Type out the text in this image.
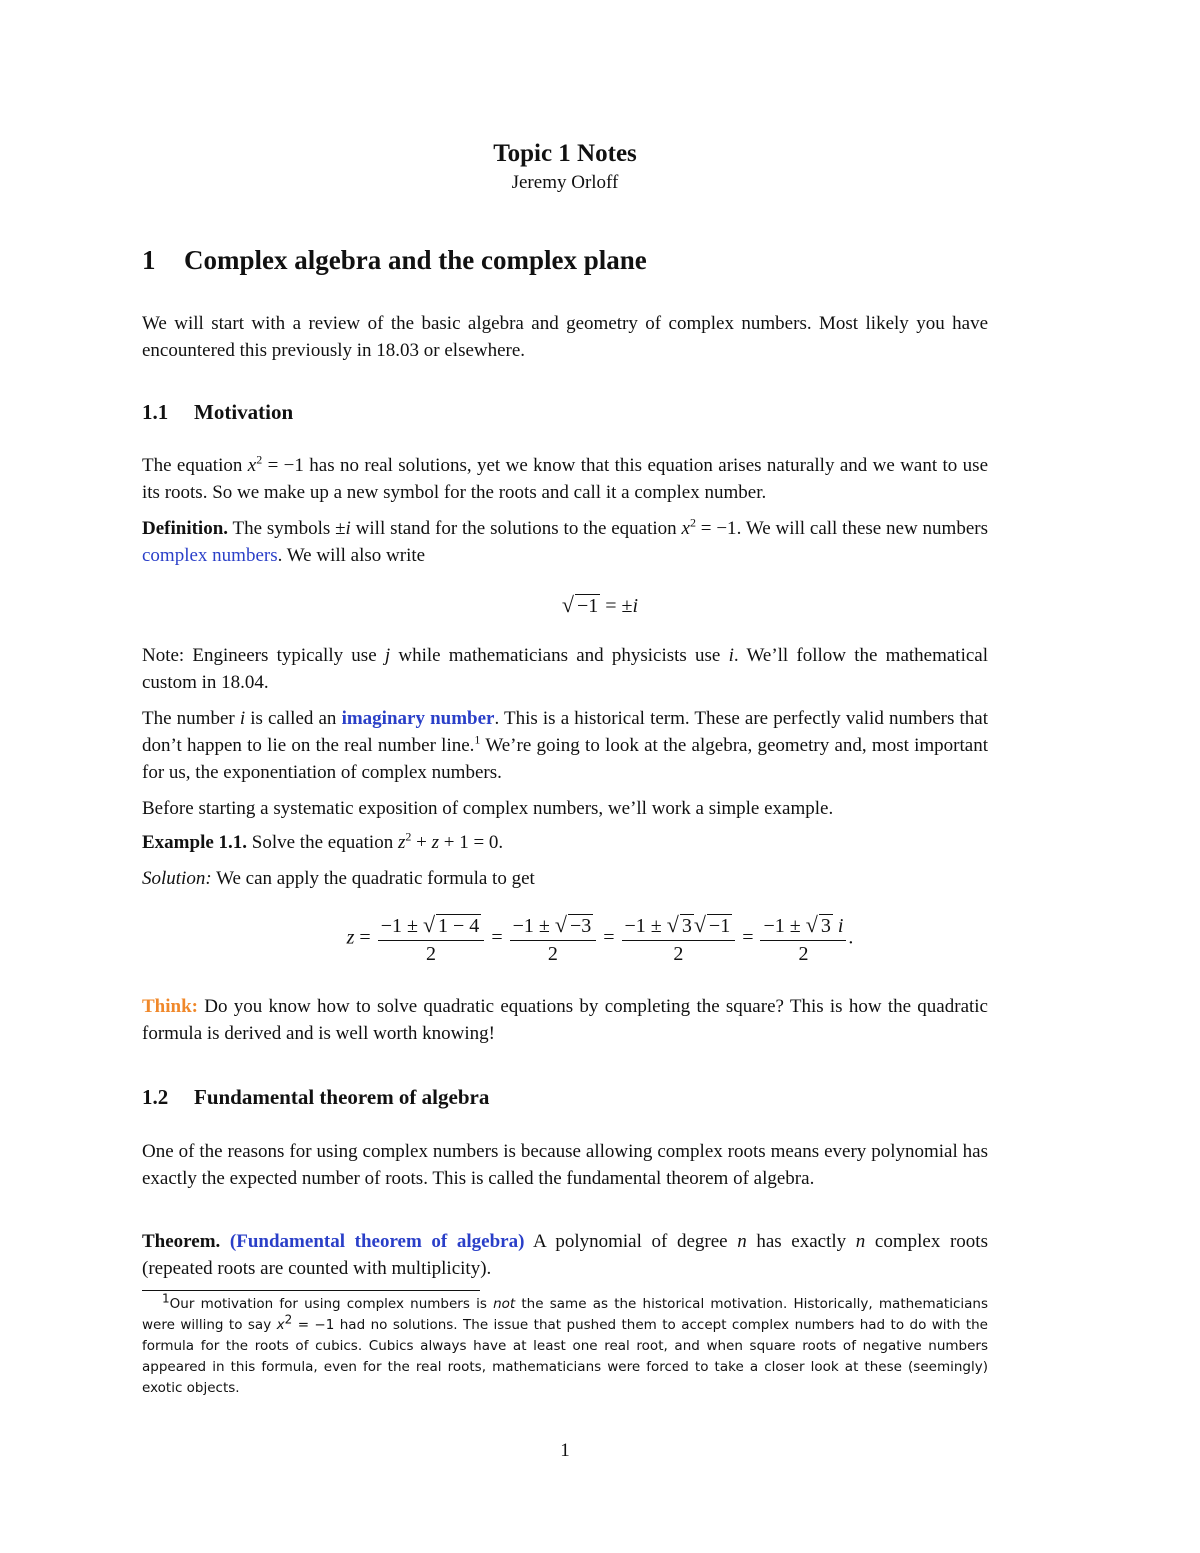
Topic 1 Notes
Jeremy Orloff
1 Complex algebra and the complex plane

We will start with a review of the basic algebra and geometry of complex numbers. Most likely you have encountered this previously in 18.03 or elsewhere.

1.1 Motivation

The equation $x^2 = -1$ has no real solutions, yet we know that this equation arises naturally and we want to use its roots. So we make up a new symbol for the roots and call it a complex number.

Definition. The symbols ±i will stand for the solutions to the equation $x^2 = -1$. We will call these new numbers complex numbers. We will also write

√ −1 = ±i

Note: Engineers typically use j while mathematicians and physicists use i. We’ll follow the mathematical custom in 18.04.

The number i is called an imaginary number. This is a historical term. These are perfectly valid numbers that don’t happen to lie on the real number line.$^1$ We’re going to look at the algebra, geometry and, most important for us, the exponentiation of complex numbers.

Before starting a systematic exposition of complex numbers, we’ll work a simple example.

Example 1.1. Solve the equation $z^2 + z + 1 = 0$.

Solution: We can apply the quadratic formula to get

$z = \frac{-1 \pm √ 1 - 4}{2} = \frac{-1 \pm √ -3}{2} = \frac{-1 \pm √ 3√ -1}{2} = \frac{-1 \pm √ 3 i}{2}$ .

Think: Do you know how to solve quadratic equations by completing the square? This is how the quadratic formula is derived and is well worth knowing!

1.2 Fundamental theorem of algebra

One of the reasons for using complex numbers is because allowing complex roots means every polynomial has exactly the expected number of roots. This is called the fundamental theorem of algebra.

Theorem. (Fundamental theorem of algebra) A polynomial of degree n has exactly n complex roots (repeated roots are counted with multiplicity).

$^1$Our motivation for using complex numbers is not the same as the historical motivation. Historically, mathematicians were willing to say $x^2 = -1$ had no solutions. The issue that pushed them to accept complex numbers had to do with the formula for the roots of cubics. Cubics always have at least one real root, and when square roots of negative numbers appeared in this formula, even for the real roots, mathematicians were forced to take a closer look at these (seemingly) exotic objects.

1
